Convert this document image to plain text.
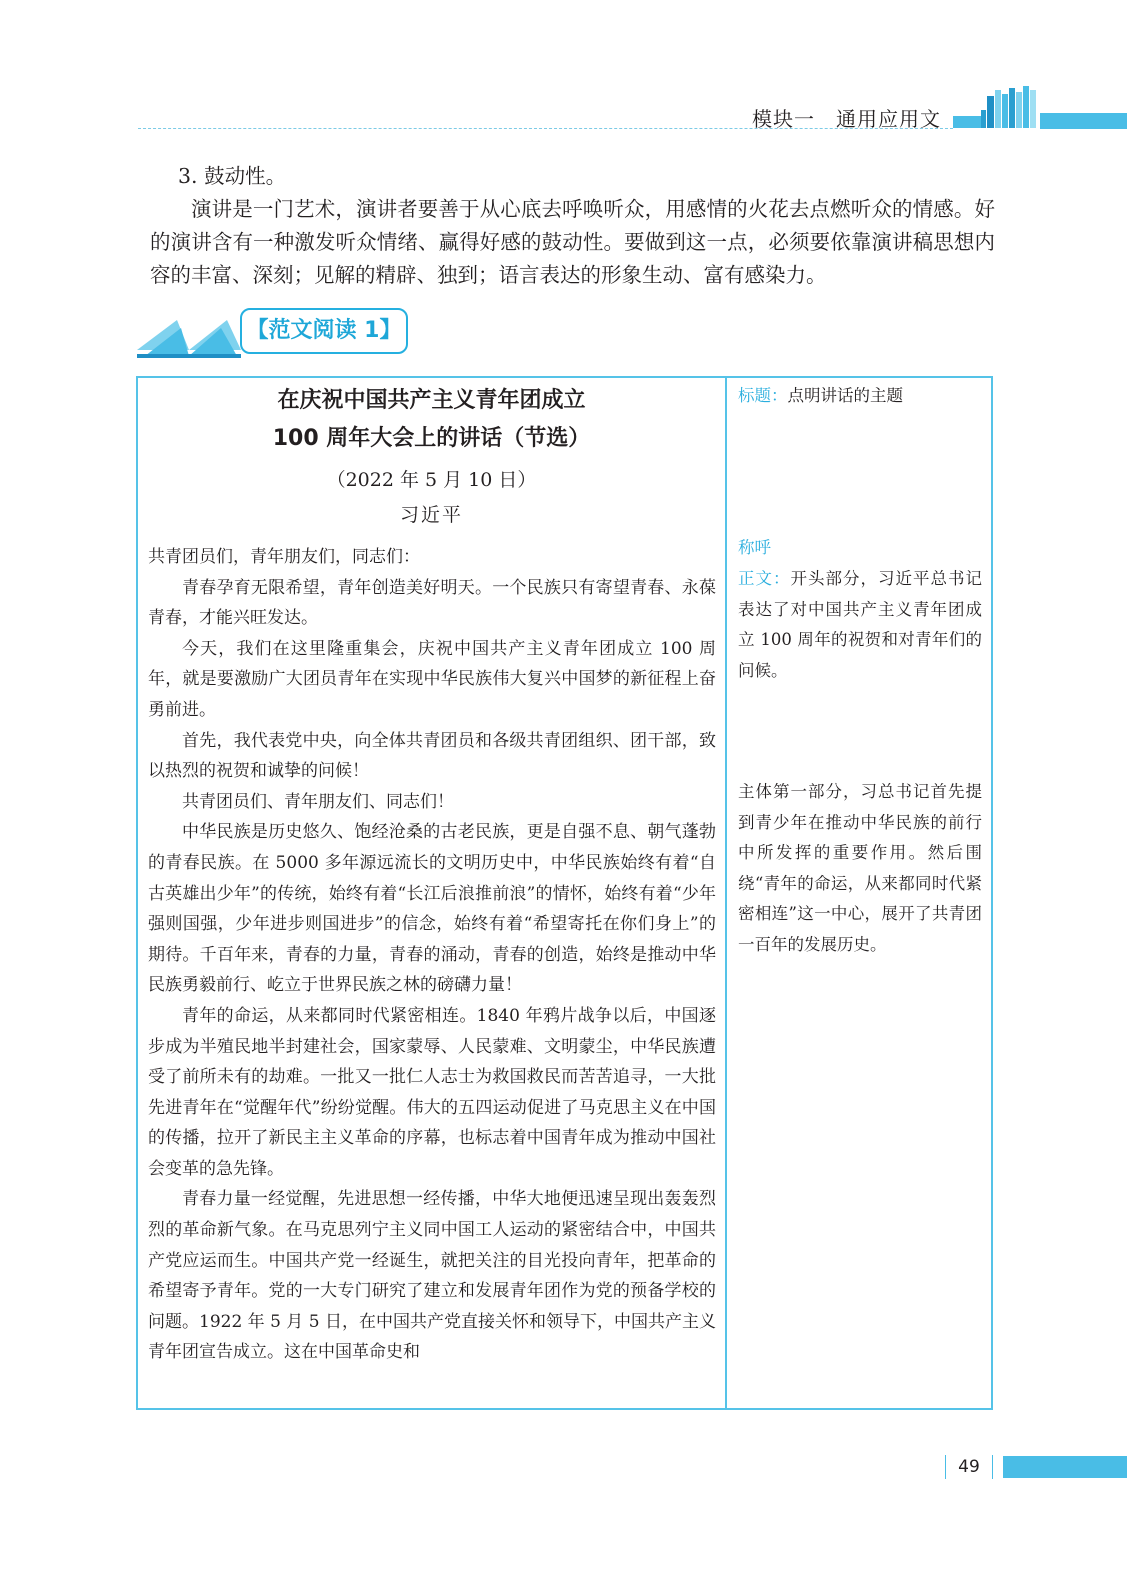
模块一　通用应用文

3. 鼓动性。

演讲是一门艺术，演讲者要善于从心底去呼唤听众，用感情的火花去点燃听众的情感。好的演讲含有一种激发听众情绪、赢得好感的鼓动性。要做到这一点，必须要依靠演讲稿思想内容的丰富、深刻；见解的精辟、独到；语言表达的形象生动、富有感染力。

【范文阅读 1】
在庆祝中国共产主义青年团成立
100 周年大会上的讲话（节选）
（2022 年 5 月 10 日）
习近平

共青团员们，青年朋友们，同志们：

青春孕育无限希望，青年创造美好明天。一个民族只有寄望青春、永葆青春，才能兴旺发达。

今天，我们在这里隆重集会，庆祝中国共产主义青年团成立 100 周年，就是要激励广大团员青年在实现中华民族伟大复兴中国梦的新征程上奋勇前进。

首先，我代表党中央，向全体共青团员和各级共青团组织、团干部，致以热烈的祝贺和诚挚的问候！

共青团员们、青年朋友们、同志们！

中华民族是历史悠久、饱经沧桑的古老民族，更是自强不息、朝气蓬勃的青春民族。在 5000 多年源远流长的文明历史中，中华民族始终有着“自古英雄出少年”的传统，始终有着“长江后浪推前浪”的情怀，始终有着“少年强则国强，少年进步则国进步”的信念，始终有着“希望寄托在你们身上”的期待。千百年来，青春的力量，青春的涌动，青春的创造，始终是推动中华民族勇毅前行、屹立于世界民族之林的磅礴力量！

青年的命运，从来都同时代紧密相连。1840 年鸦片战争以后，中国逐步成为半殖民地半封建社会，国家蒙辱、人民蒙难、文明蒙尘，中华民族遭受了前所未有的劫难。一批又一批仁人志士为救国救民而苦苦追寻，一大批先进青年在“觉醒年代”纷纷觉醒。伟大的五四运动促进了马克思主义在中国的传播，拉开了新民主主义革命的序幕，也标志着中国青年成为推动中国社会变革的急先锋。

青春力量一经觉醒，先进思想一经传播，中华大地便迅速呈现出轰轰烈烈的革命新气象。在马克思列宁主义同中国工人运动的紧密结合中，中国共产党应运而生。中国共产党一经诞生，就把关注的目光投向青年，把革命的希望寄予青年。党的一大专门研究了建立和发展青年团作为党的预备学校的问题。1922 年 5 月 5 日，在中国共产党直接关怀和领导下，中国共产主义青年团宣告成立。这在中国革命史和

标题：点明讲话的主题
称呼
正文：开头部分，习近平总书记表达了对中国共产主义青年团成立 100 周年的祝贺和对青年们的问候。
主体第一部分，习总书记首先提到青少年在推动中华民族的前行中所发挥的重要作用。然后围绕“青年的命运，从来都同时代紧密相连”这一中心，展开了共青团一百年的发展历史。
49
